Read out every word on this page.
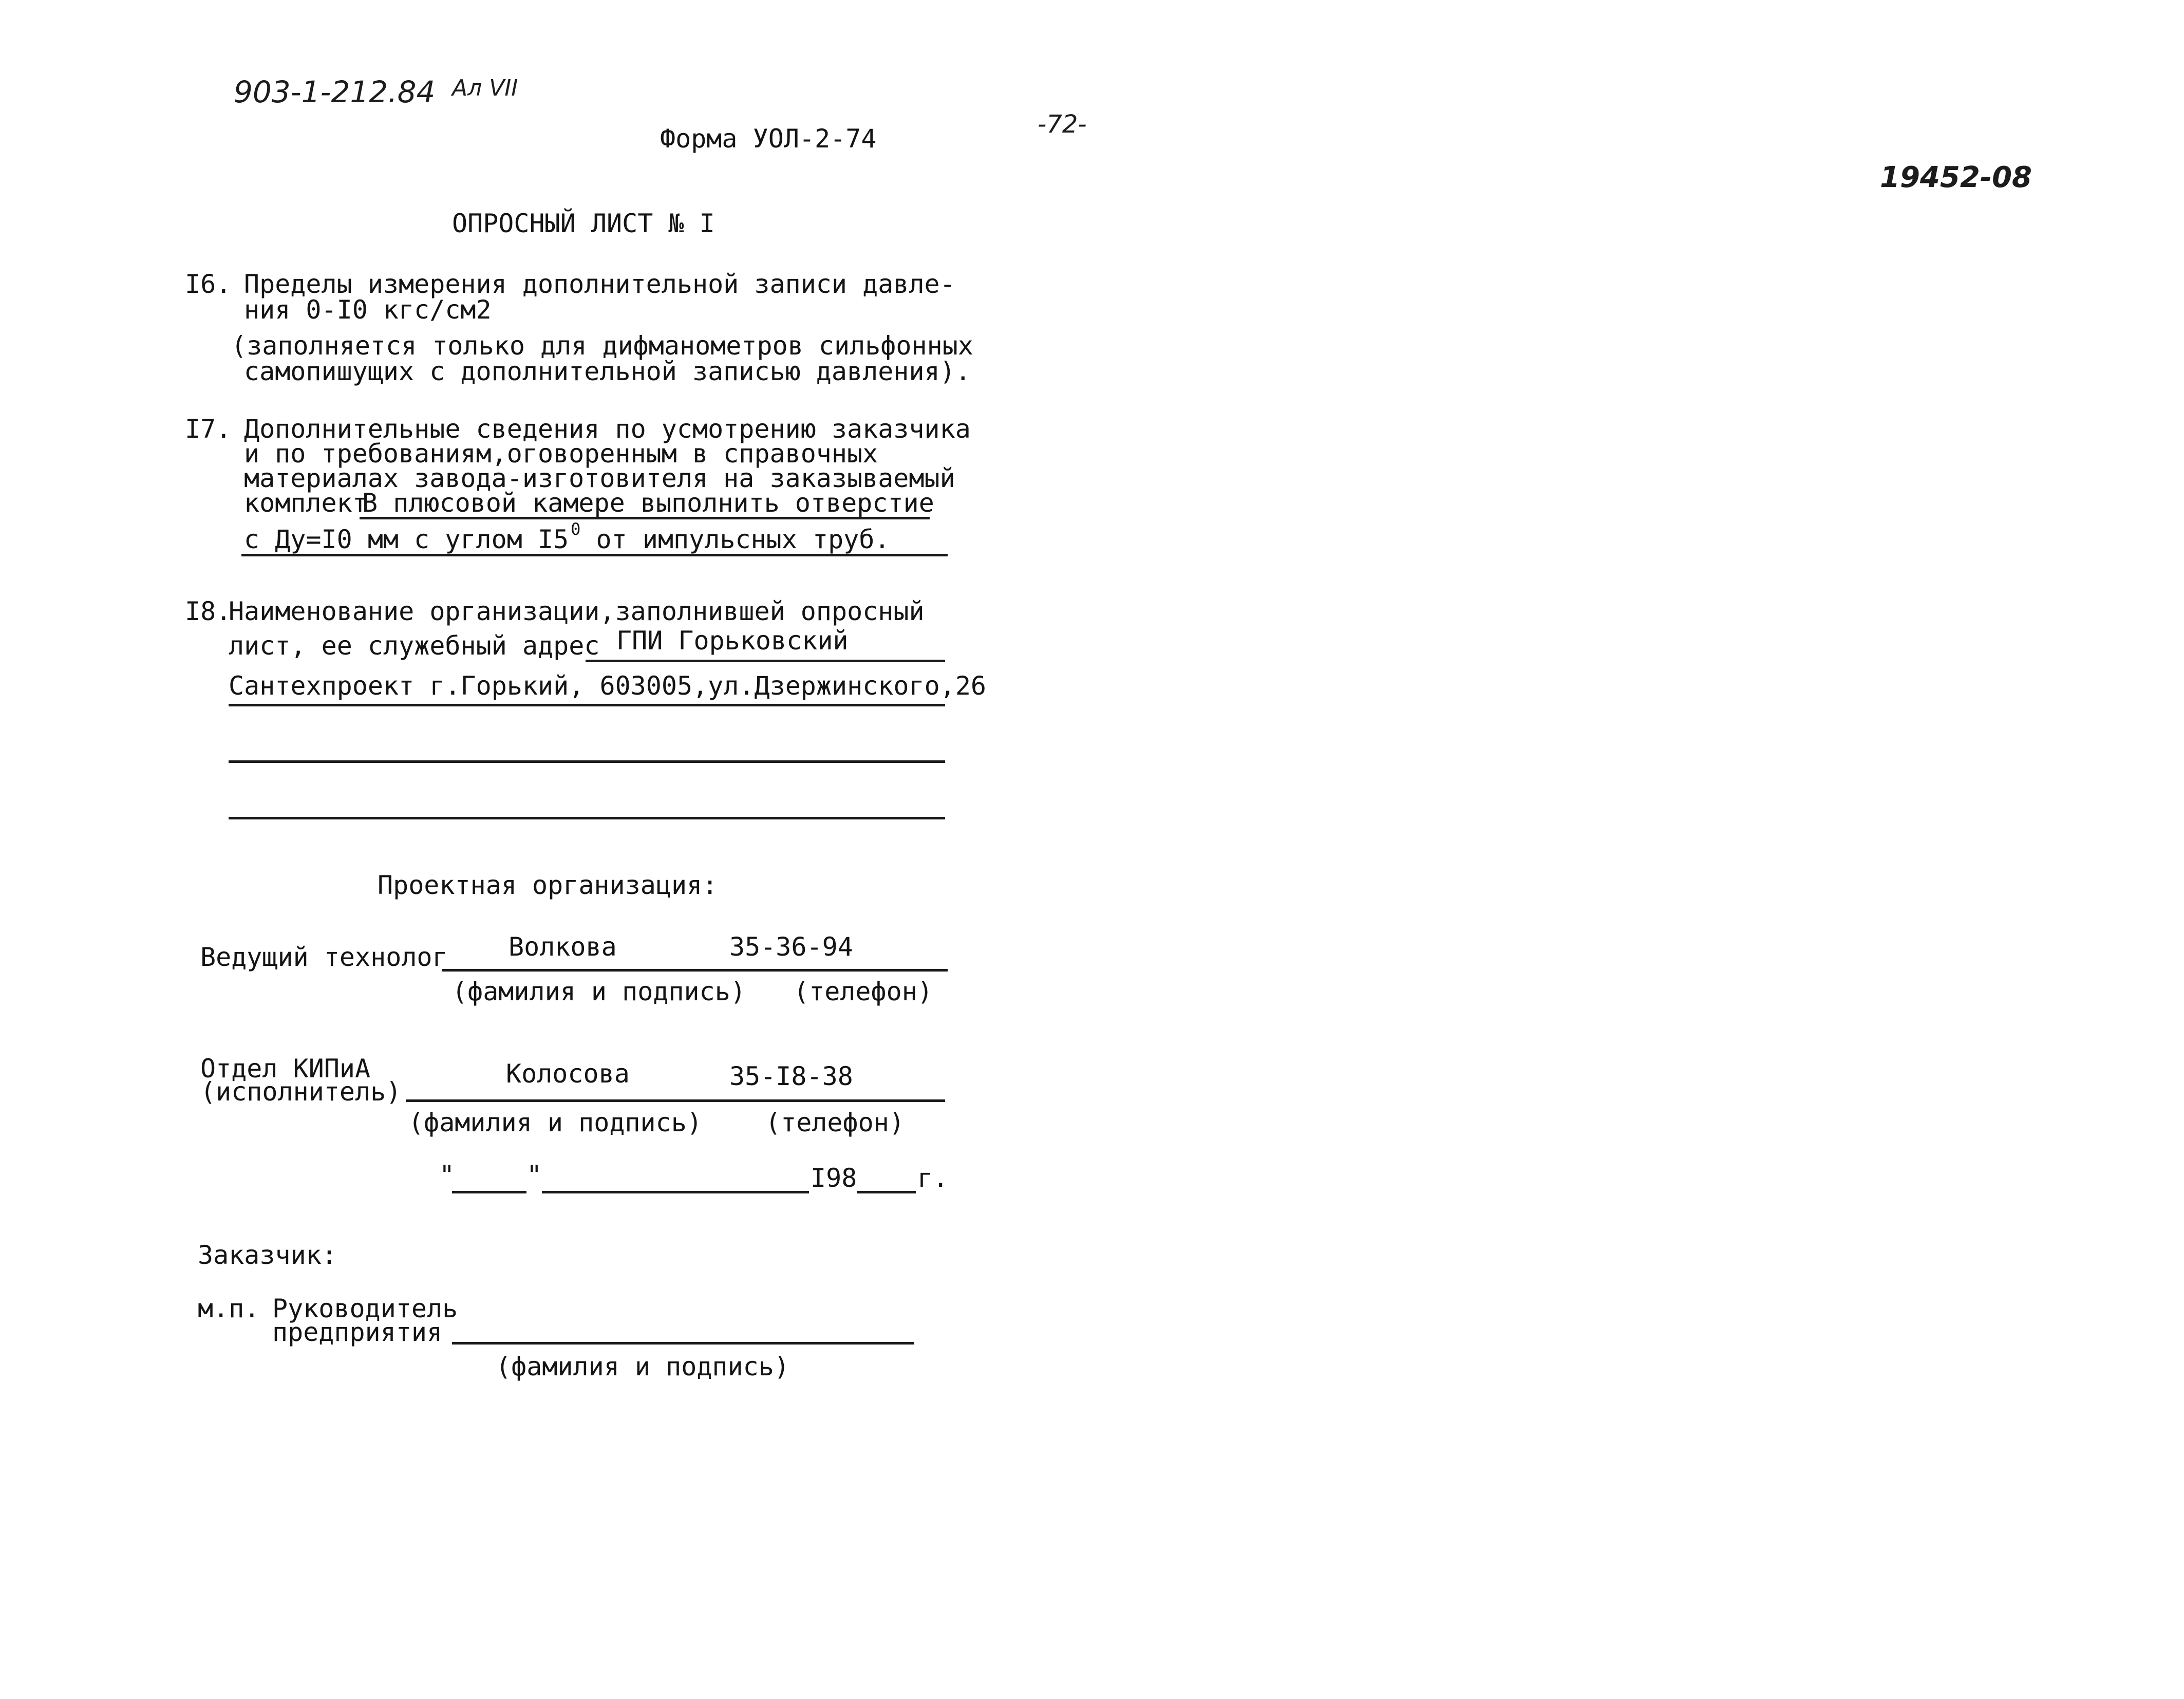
903-1-212.84 Ал VII
Форма УОЛ-2-74	-72-
19452-08
ОПРОСНЫЙ ЛИСТ № I
I6. Пределы измерения дополнительной записи давле-
ния 0-I0 кгс/см2
(заполняется только для дифманометров сильфонных
самопишущих с дополнительной записью давления).
I7. Дополнительные сведения по усмотрению заказчика
и по требованиям,оговоренным в справочных
материалах завода-изготовителя на заказываемый
комплект
В плюсовой камере выполнить отверстие
с Ду=I0 мм с углом I5 $^0$ от импульсных труб.
I8.
Наименование организации,заполнившей опросный
лист, ее служебный адрес ГПИ Горьковский
Сантехпроект г.Горький, 603005,ул.Дзержинского,26
Проектная организация:
Ведущий технолог Волкова	35-36-94
(фамилия и подпись) (телефон)
Отдел КИПиА
(исполнитель)
Колосова	35-I8-38
(фамилия и подпись) (телефон)
"	"	I98 г.
Заказчик:
м.п. Руководитель
предприятия
(фамилия и подпись)
